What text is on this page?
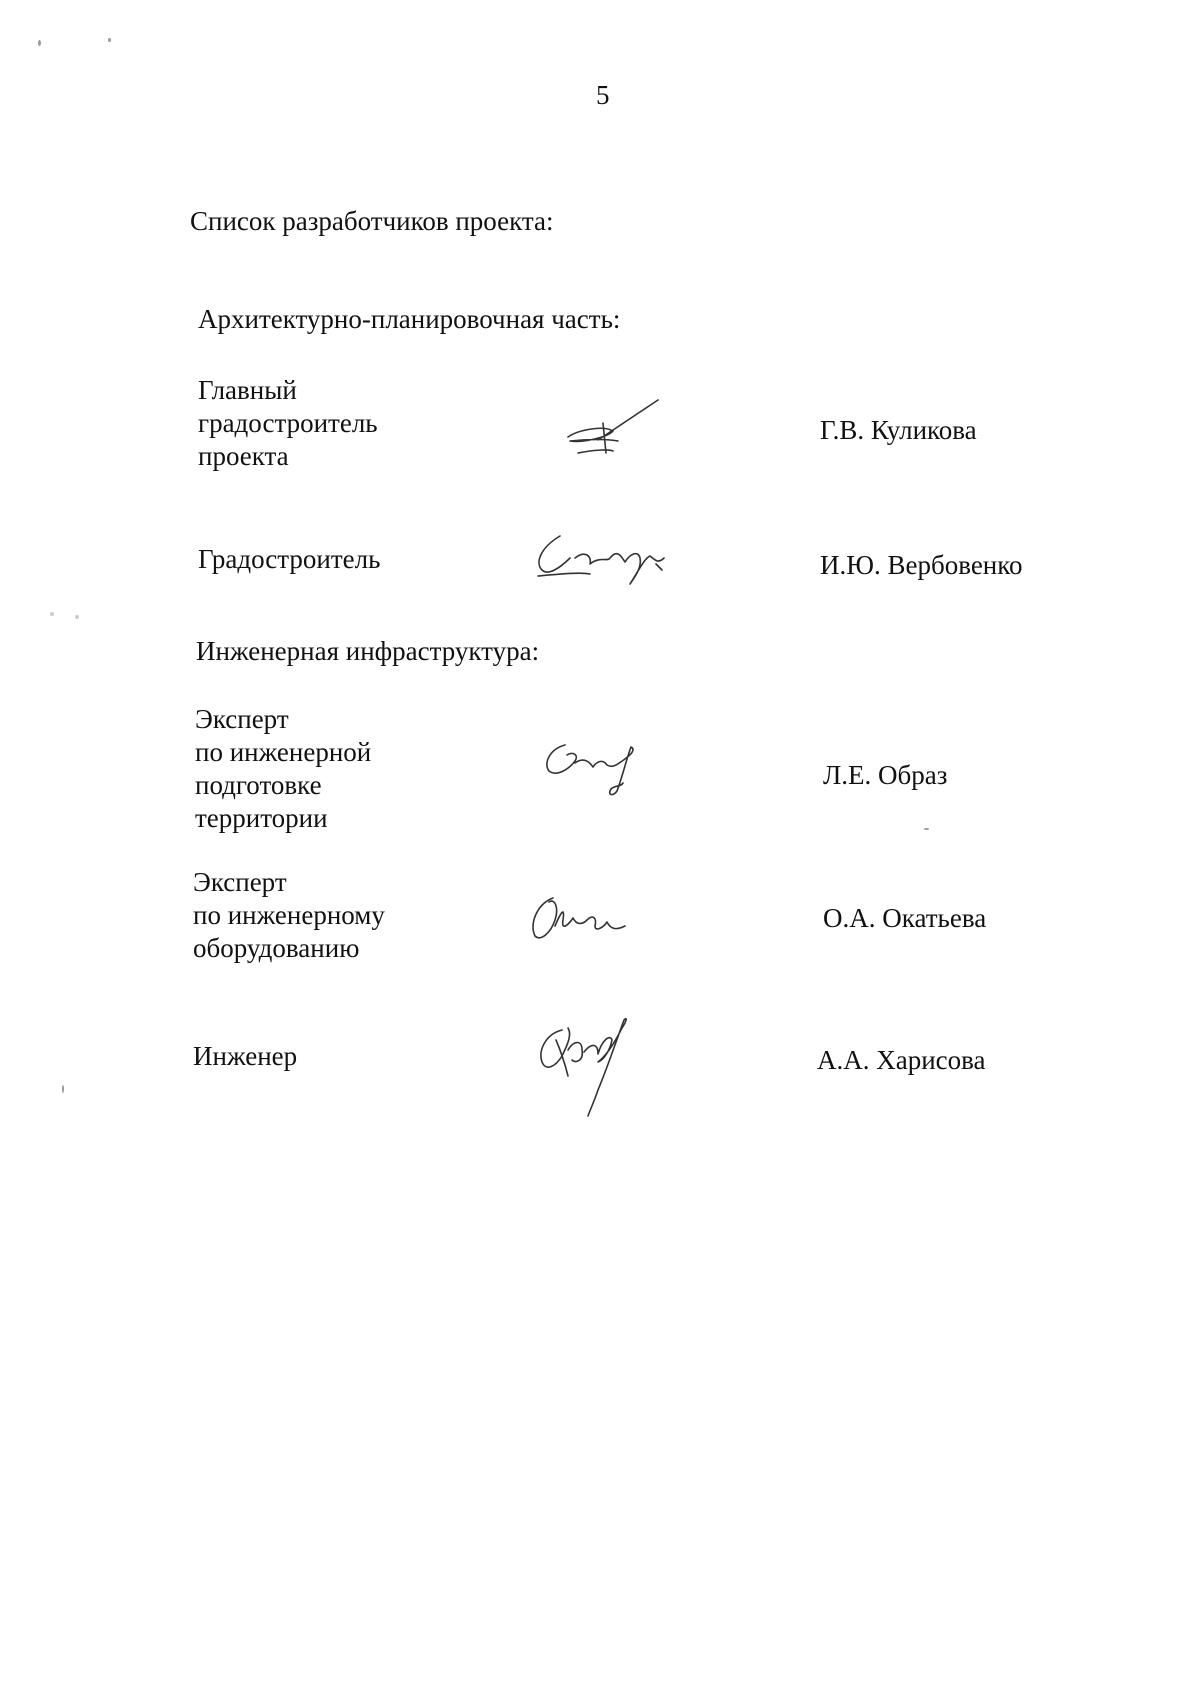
5
Список разработчиков проекта:
Архитектурно-планировочная часть:
Главный
градостроитель
проекта
Г.В. Куликова
Градостроитель	И.Ю. Вербовенко
Инженерная инфраструктура:
Эксперт
по инженерной
подготовке
территории
Л.Е. Образ
Эксперт
по инженерному
оборудованию
О.А. Окатьева
Инженер	А.А. Харисова
